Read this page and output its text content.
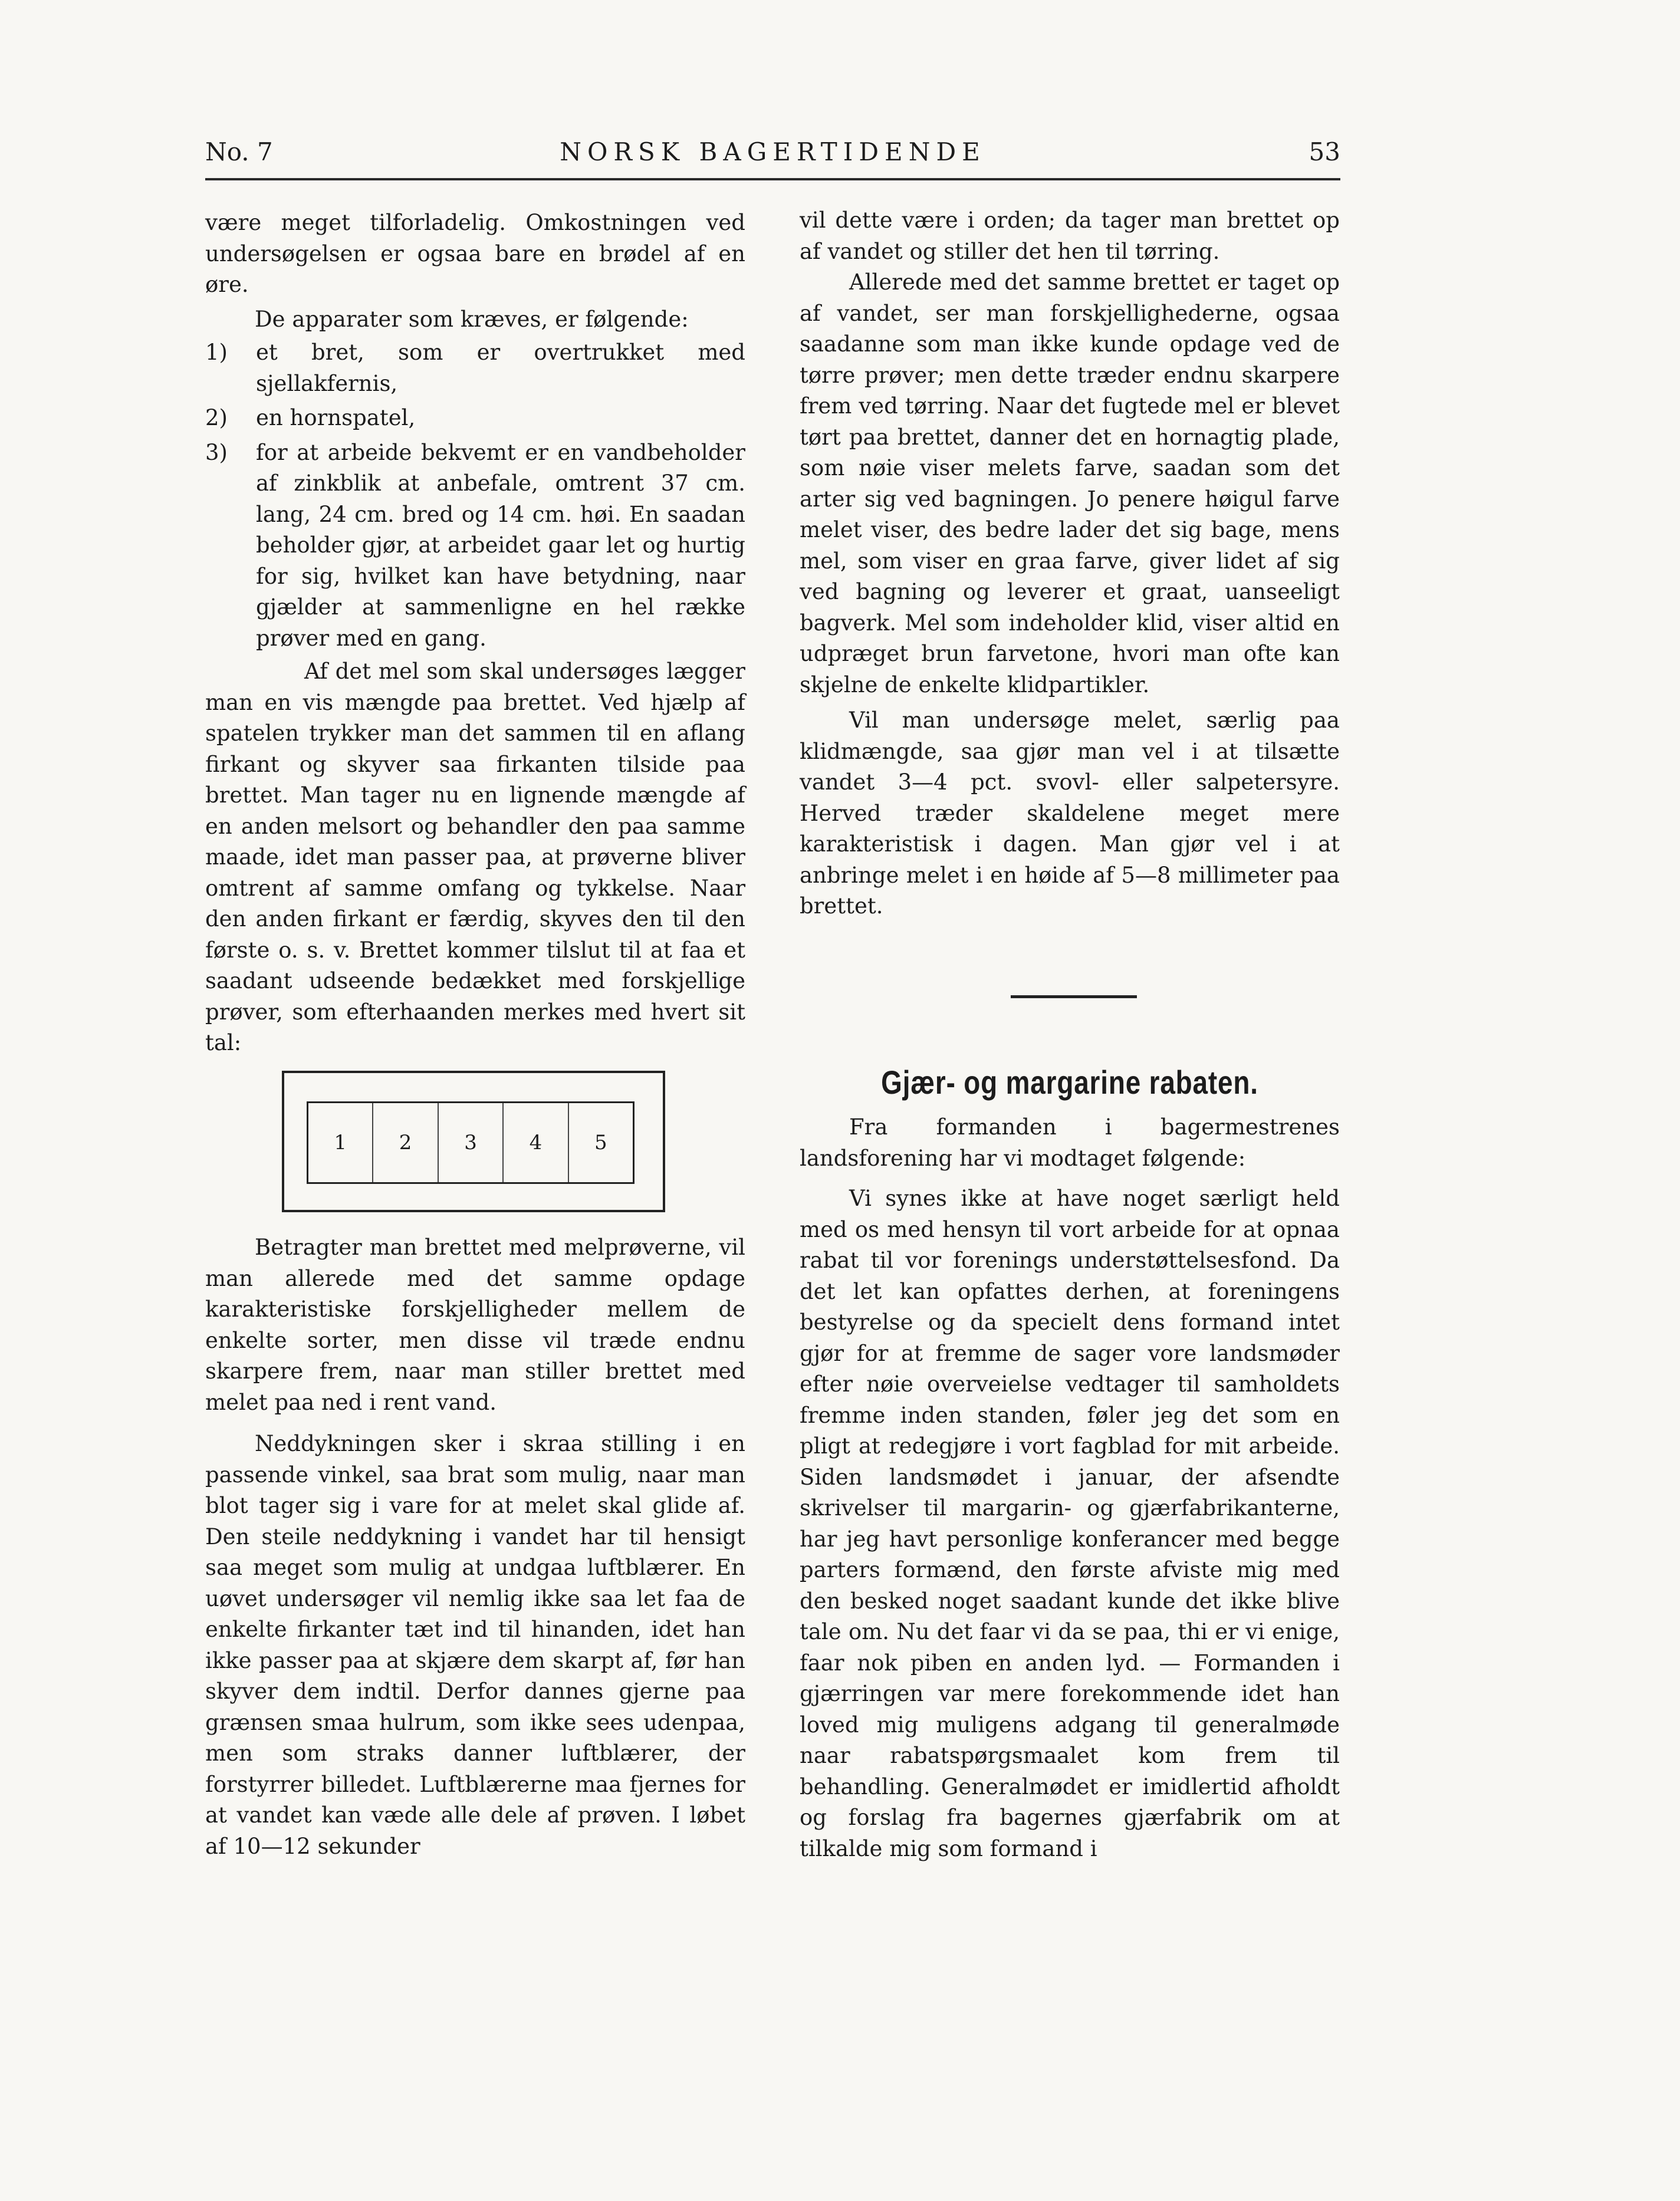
No. 7	NORSK BAGERTIDENDE	53

være meget tilforladelig. Omkostningen ved

undersøgelsen er ogsaa bare en brødel af en øre.

De apparater som kræves, er følgende:

1) et bret, som er overtrukket med sjellakfernis,
2) en hornspatel,
3) for at arbeide bekvemt er en vandbeholder af zinkblik at anbefale, omtrent 37 cm. lang, 24 cm. bred og 14 cm. høi. En saadan beholder gjør, at arbeidet gaar let og hurtig for sig, hvilket kan have betydning, naar gjælder at sammenligne en hel række prøver med en gang.

Af det mel som skal undersøges lægger man en vis mængde paa brettet. Ved hjælp af spatelen trykker man det sammen til en aflang firkant og skyver saa firkanten tilside paa brettet. Man tager nu en lignende mængde af en anden melsort og behandler den paa samme maade, idet man passer paa, at prøverne bliver omtrent af samme omfang og tykkelse. Naar den anden firkant er færdig, skyves den til den første o. s. v. Brettet kommer tilslut til at faa et saadant udseende bedækket med forskjellige prøver, som efterhaanden merkes med hvert sit tal:

1	2	3	4	5

Betragter man brettet med melprøverne, vil man allerede med det samme opdage karakteristiske forskjelligheder mellem de enkelte sorter, men disse vil træde endnu skarpere frem, naar man stiller brettet med melet paa ned i rent vand.

Neddykningen sker i skraa stilling i en passende vinkel, saa brat som mulig, naar man blot tager sig i vare for at melet skal glide af. Den steile neddykning i vandet har til hensigt saa meget som mulig at undgaa luftblærer. En uøvet undersøger vil nemlig ikke saa let faa de enkelte firkanter tæt ind til hinanden, idet han ikke passer paa at skjære dem skarpt af, før han skyver dem indtil. Derfor dannes gjerne paa grænsen smaa hulrum, som ikke sees udenpaa, men som straks danner luftblærer, der forstyrrer billedet. Luftblærerne maa fjernes for at vandet kan væde alle dele af prøven. I løbet af 10—12 sekunder

vil dette være i orden; da tager man brettet op af vandet og stiller det hen til tørring.

Allerede med det samme brettet er taget op af vandet, ser man forskjellighederne, ogsaa saadanne som man ikke kunde opdage ved de tørre prøver; men dette træder endnu skarpere frem ved tørring. Naar det fugtede mel er blevet tørt paa brettet, danner det en hornagtig plade, som nøie viser melets farve, saadan som det arter sig ved bagningen. Jo penere høigul farve melet viser, des bedre lader det sig bage, mens mel, som viser en graa farve, giver lidet af sig ved bagning og leverer et graat, uanseeligt bagverk. Mel som indeholder klid, viser altid en udpræget brun farvetone, hvori man ofte kan skjelne de enkelte klidpartikler.

Vil man undersøge melet, særlig paa klidmængde, saa gjør man vel i at tilsætte vandet 3—4 pct. svovl- eller salpetersyre. Herved træder skaldelene meget mere karakteristisk i dagen. Man gjør vel i at anbringe melet i en høide af 5—8 millimeter paa brettet.

Gjær- og margarine rabaten.

Fra formanden i bagermestrenes landsforening har vi modtaget følgende:

Vi synes ikke at have noget særligt held med os med hensyn til vort arbeide for at opnaa rabat til vor forenings understøttelsesfond. Da det let kan opfattes derhen, at foreningens bestyrelse og da specielt dens formand intet gjør for at fremme de sager vore landsmøder efter nøie overveielse vedtager til samholdets fremme inden standen, føler jeg det som en pligt at redegjøre i vort fagblad for mit arbeide. Siden landsmødet i januar, der afsendte skrivelser til margarin- og gjærfabrikanterne, har jeg havt personlige konferancer med begge parters formænd, den første afviste mig med den besked noget saadant kunde det ikke blive tale om. Nu det faar vi da se paa, thi er vi enige, faar nok piben en anden lyd. — Formanden i gjærringen var mere forekommende idet han loved mig muligens adgang til generalmøde naar rabatspørgsmaalet kom frem til behandling. Generalmødet er imidlertid afholdt og forslag fra bagernes gjærfabrik om at tilkalde mig som formand i
